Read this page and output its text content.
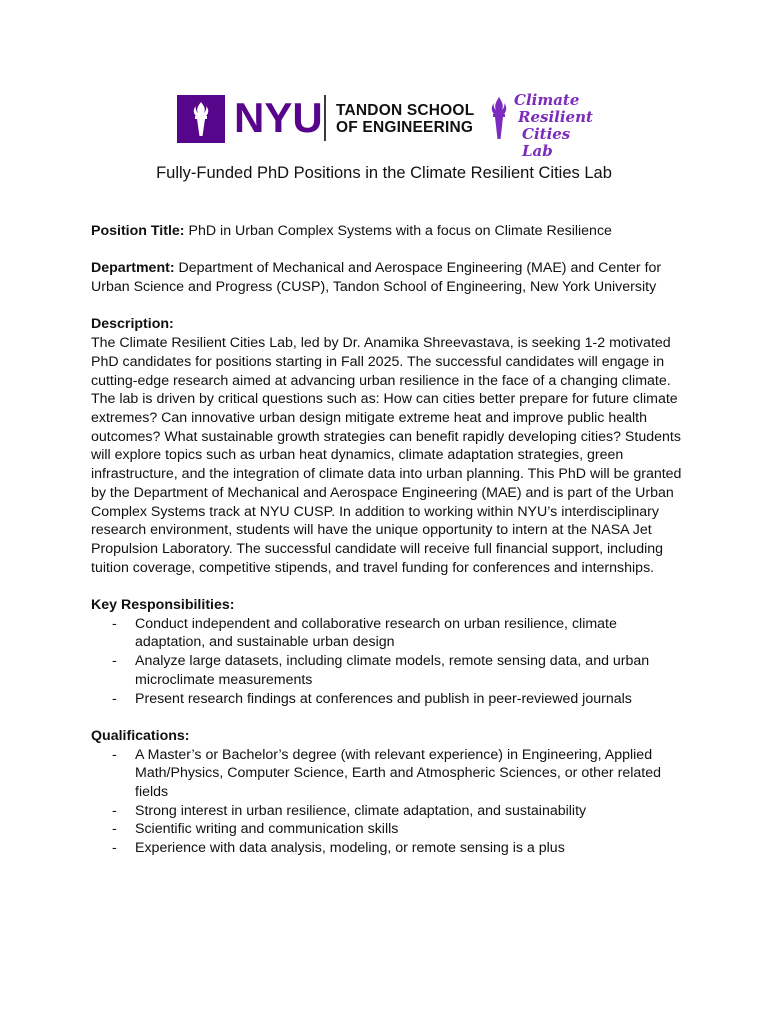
NYU TANDON SCHOOL
OF ENGINEERING
Climate
Resilient
Cities Lab
Fully-Funded PhD Positions in the Climate Resilient Cities Lab

Position Title: PhD in Urban Complex Systems with a focus on Climate Resilience

Department: Department of Mechanical and Aerospace Engineering (MAE) and Center for Urban Science and Progress (CUSP), Tandon School of Engineering, New York University

Description:
The Climate Resilient Cities Lab, led by Dr. Anamika Shreevastava, is seeking 1-2 motivated PhD candidates for positions starting in Fall 2025. The successful candidates will engage in cutting-edge research aimed at advancing urban resilience in the face of a changing climate. The lab is driven by critical questions such as: How can cities better prepare for future climate extremes? Can innovative urban design mitigate extreme heat and improve public health outcomes? What sustainable growth strategies can benefit rapidly developing cities? Students will explore topics such as urban heat dynamics, climate adaptation strategies, green infrastructure, and the integration of climate data into urban planning. This PhD will be granted by the Department of Mechanical and Aerospace Engineering (MAE) and is part of the Urban Complex Systems track at NYU CUSP. In addition to working within NYU’s interdisciplinary research environment, students will have the unique opportunity to intern at the NASA Jet Propulsion Laboratory. The successful candidate will receive full financial support, including tuition coverage, competitive stipends, and travel funding for conferences and internships.

Key Responsibilities:
- Conduct independent and collaborative research on urban resilience, climate adaptation, and sustainable urban design
- Analyze large datasets, including climate models, remote sensing data, and urban microclimate measurements
- Present research findings at conferences and publish in peer-reviewed journals
Qualifications:
- A Master’s or Bachelor’s degree (with relevant experience) in Engineering, Applied Math/Physics, Computer Science, Earth and Atmospheric Sciences, or other related fields
- Strong interest in urban resilience, climate adaptation, and sustainability
- Scientific writing and communication skills
- Experience with data analysis, modeling, or remote sensing is a plus
